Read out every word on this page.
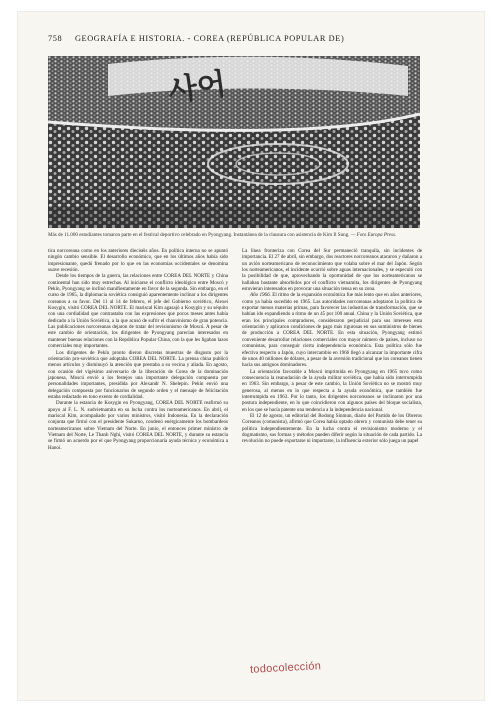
758 GEOGRAFÍA E HISTORIA. - COREA (REPÚBLICA POPULAR DE)
사어
Más de 11.000 estudiantes tomaron parte en el festival deportivo celebrado en Pyongyang. Instantánea de la clausura con asistencia de Kim Il Sung. — Foto Europa Press.

tica norcoreana como en los anteriores dieciséis años. En política interna no se apuntó ningún cambio sensible. El desarrollo económico, que en los últimos años había sido impresionante, quedó frenado por lo que en las economías occidentales se denomina suave recesión.

Desde los tiempos de la guerra, las relaciones entre COREA DEL NORTE y China continental han sido muy estrechas. Al iniciarse el conflicto ideológico entre Moscú y Pekín, Pyongyang se inclinó manifiestamente en favor de la segunda. Sin embargo, en el curso de 1965, la diplomacia soviética consiguió aparentemente inclinar a los dirigentes coreanos a su favor. Del 11 al 14 de febrero, el jefe del Gobierno soviético, Alexei Kosygin, visitó COREA DEL NORTE. El mariscal Kim agasajó a Kosygin y su séquito con una cordialidad que contrastaba con las expresiones que pocos meses antes había dedicado a la Unión Soviética, a la que acusó de sufrir el chauvinismo de gran potencia. Las publicaciones norcoreanas dejaron de tratar del revisionismo de Moscú. A pesar de este cambio de orientación, los dirigentes de Pyongyang parecían interesados en mantener buenas relaciones con la República Popular China, con la que les ligaban lazos comerciales muy importantes.

Los dirigentes de Pekín pronto dieron discretas muestras de disgusto por la orientación pro-soviética que adoptaba COREA DEL NORTE. La prensa china publicó menos artículos y disminuyó la atención que prestaba a su vecina y aliada. En agosto, con ocasión del vigésimo aniversario de la liberación de Corea de la dominación japonesa, Moscú envió a los festejos una importante delegación compuesta por personalidades importantes, presidida por Alexandr N. Shelepin. Pekín envió una delegación compuesta por funcionarios de segundo orden y el mensaje de felicitación estaba redactado en tono exento de cordialidad.

Durante la estancia de Kosygin en Pyongyang, COREA DEL NORTE reafirmó su apoyo al F. L. N. sudvietnamita en su lucha contra los norteamericanos. En abril, el mariscal Kim, acompañado por varios ministros, visitó Indonesia. En la declaración conjunta que firmó con el presidente Sukarno, condenó enérgicamente los bombardeos norteamericanos sobre Vietnam del Norte. En junio, el entonces primer ministro de Vietnam del Norte, Le Thanh Nghi, visitó COREA DEL NORTE, y durante su estancia se firmó un acuerdo por el que Pyongyang proporcionaría ayuda técnica y económica a Hanoi.

La línea fronteriza con Corea del Sur permaneció tranquila, sin incidentes de importancia. El 27 de abril, sin embargo, dos reactores norcoreanos atacaron y dañaron a un avión norteamericano de reconocimiento que volaba sobre el mar del Japón. Según los norteamericanos, el incidente ocurrió sobre aguas internacionales, y se especuló con la posibilidad de que, aprovechando la oportunidad de que los norteamericanos se hallaban bastante absorbidos por el conflicto vietnamita, los dirigentes de Pyongyang estuvieran interesados en provocar una situación tensa en su zona.

Año 1966. El ritmo de la expansión económica fue más lento que en años anteriores, como ya había sucedido en 1965. Las autoridades norcoreanas adoptaron la política de exportar menos materias primas, para favorecer las industrias de transformación, que se habían ido expandiendo a ritmo de un 45 por 100 anual. China y la Unión Soviética, que eran los principales compradores, consideraron perjudicial para sus intereses esta orientación y aplicaron condiciones de pago más rigurosas en sus suministros de bienes de producción a COREA DEL NORTE. En esta situación, Pyongyang estimó conveniente desarrollar relaciones comerciales con mayor número de países, incluso no comunistas, para conseguir cierta independencia económica. Esta política sólo fue efectiva respecto a Japón, cuyo intercambio en 1966 llegó a alcanzar la importante cifra de unos 40 millones de dólares, a pesar de la aversión tradicional que los coreanos tienen hacia sus antiguos dominadores.

La orientación favorable a Moscú imprimida en Pyongyang en 1965 tuvo como consecuencia la reanudación de la ayuda militar soviética, que había sido interrumpida en 1963. Sin embargo, a pesar de este cambio, la Unión Soviética no se mostró muy generosa, al menos en lo que respecta a la ayuda económica, que también fue interrumpida en 1963. Por lo tanto, los dirigentes norcoreanos se inclinaron por una postura independiente, en lo que coincidieron con algunos países del bloque socialista, en los que se hacía patente una tendencia a la independencia nacional.

El 12 de agosto, un editorial del Rodong Sinmun, diario del Partido de los Obreros Coreanos (comunista), afirmó que Corea había optado obrero y comunista debe tener su política independientemente. En la lucha contra el revisionismo moderno y el dogmatismo, sus formas y métodos pueden diferir según la situación de cada partido. La revolución no puede exportarse ni importarse, la influencia exterior sólo juega un papel

todocolección
